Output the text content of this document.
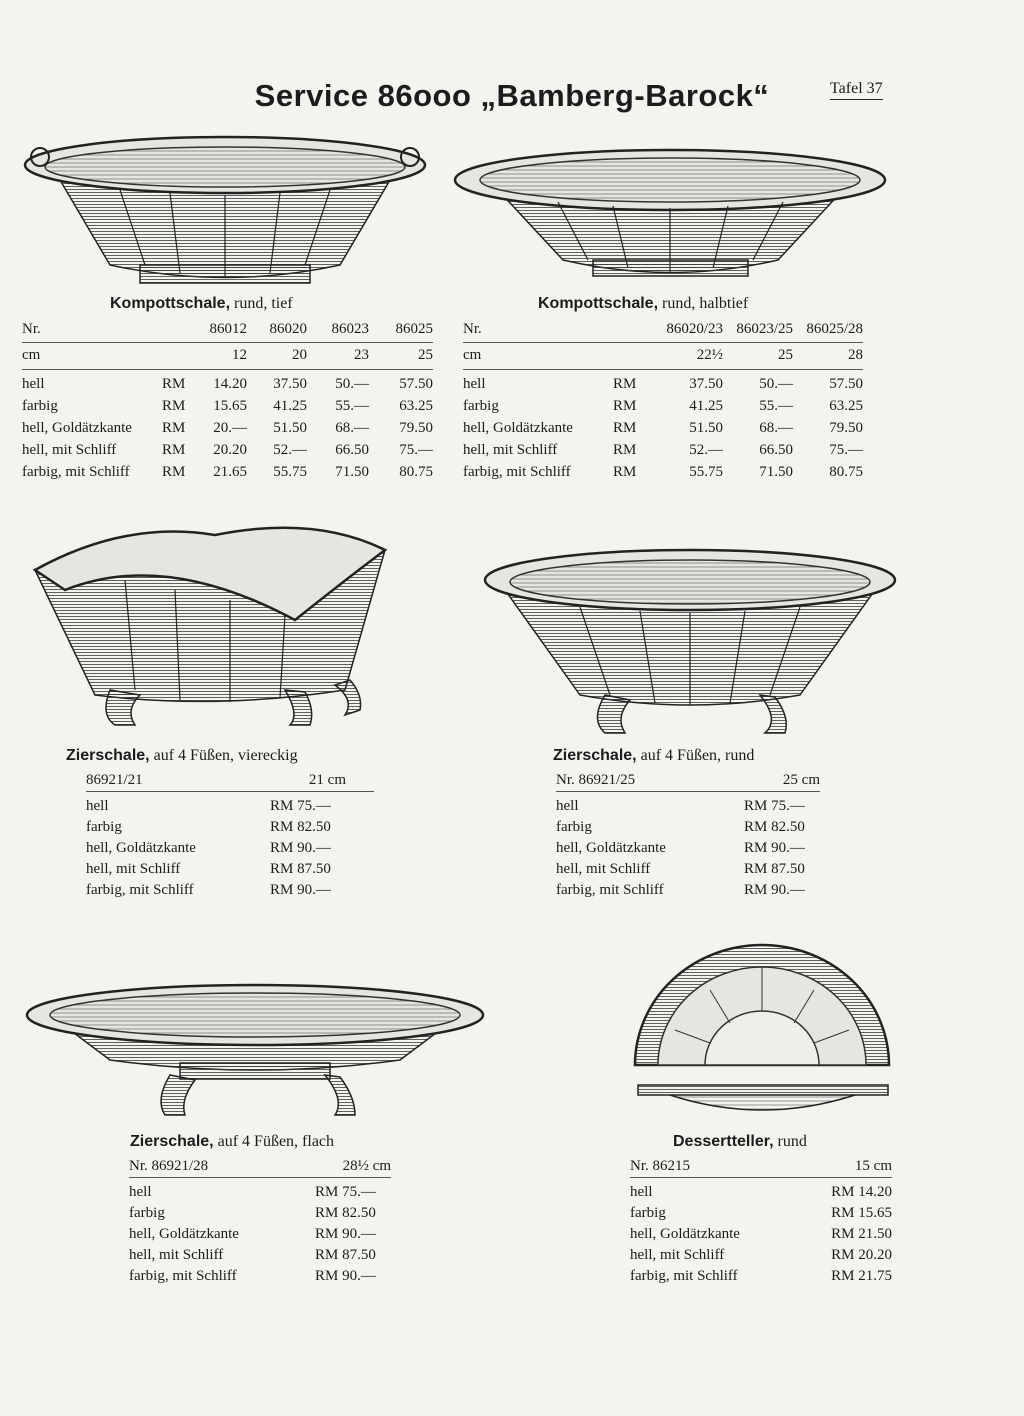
Service 86ooo „Bamberg-Barock“	Tafel 37
Kompottschale, rund, tief
Nr.		86012	86020	86023	86025
cm		12	20	23	25
hell	RM	14.20	37.50	50.—	57.50
farbig	RM	15.65	41.25	55.—	63.25
hell, Goldätzkante	RM	20.—	51.50	68.—	79.50
hell, mit Schliff	RM	20.20	52.—	66.50	75.—
farbig, mit Schliff	RM	21.65	55.75	71.50	80.75
Kompottschale, rund, halbtief
Nr.		86020/23	86023/25	86025/28
cm		22½	25	28
hell	RM	37.50	50.—	57.50
farbig	RM	41.25	55.—	63.25
hell, Goldätzkante	RM	51.50	68.—	79.50
hell, mit Schliff	RM	52.—	66.50	75.—
farbig, mit Schliff	RM	55.75	71.50	80.75
Zierschale, auf 4 Füßen, viereckig
86921/21	21 cm
hell	RM 75.—
farbig	RM 82.50
hell, Goldätzkante	RM 90.—
hell, mit Schliff	RM 87.50
farbig, mit Schliff	RM 90.—
Zierschale, auf 4 Füßen, rund
Nr. 86921/25	25 cm
hell	RM 75.—
farbig	RM 82.50
hell, Goldätzkante	RM 90.—
hell, mit Schliff	RM 87.50
farbig, mit Schliff	RM 90.—
Zierschale, auf 4 Füßen, flach
Nr. 86921/28	28½ cm
hell	RM 75.—
farbig	RM 82.50
hell, Goldätzkante	RM 90.—
hell, mit Schliff	RM 87.50
farbig, mit Schliff	RM 90.—
Dessertteller, rund
Nr. 86215	15 cm
hell	RM 14.20
farbig	RM 15.65
hell, Goldätzkante	RM 21.50
hell, mit Schliff	RM 20.20
farbig, mit Schliff	RM 21.75
